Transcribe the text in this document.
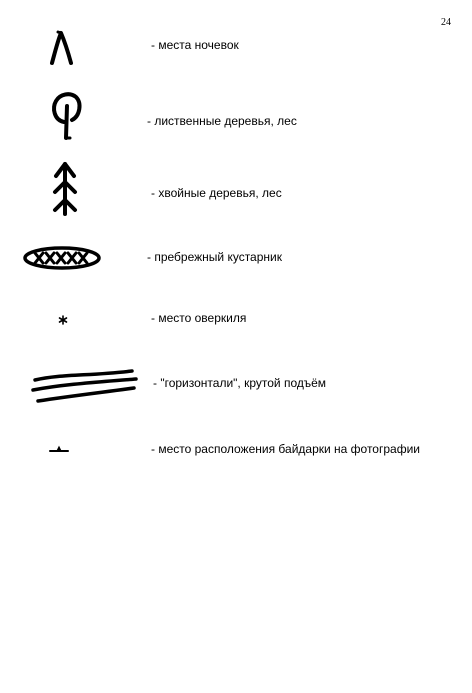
24
- места ночевок
- лиственные деревья, лес
- хвойные деревья, лес
- пребрежный кустарник
- место оверкиля
- "горизонтали", крутой подъём
- место расположения байдарки на фотографии
